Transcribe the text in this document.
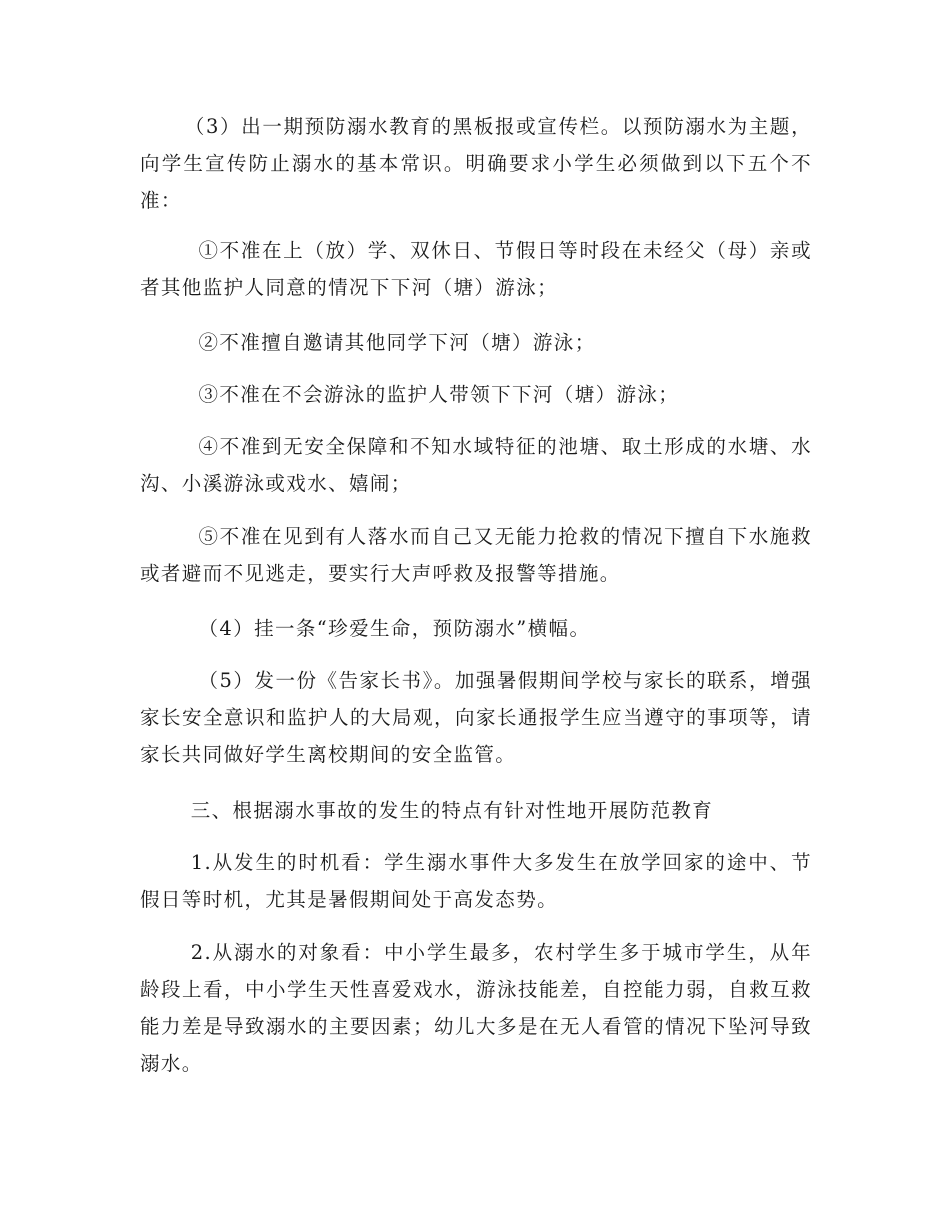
（3）出一期预防溺水教育的黑板报或宣传栏。以预防溺水为主题，向学生宣传防止溺水的基本常识。明确要求小学生必须做到以下五个不准：

①不准在上（放）学、双休日、节假日等时段在未经父（母）亲或者其他监护人同意的情况下下河（塘）游泳；

②不准擅自邀请其他同学下河（塘）游泳；

③不准在不会游泳的监护人带领下下河（塘）游泳；

④不准到无安全保障和不知水域特征的池塘、取土形成的水塘、水沟、小溪游泳或戏水、嬉闹；

⑤不准在见到有人落水而自己又无能力抢救的情况下擅自下水施救或者避而不见逃走，要实行大声呼救及报警等措施。

（4）挂一条“珍爱生命，预防溺水”横幅。

（5）发一份《告家长书》。加强暑假期间学校与家长的联系，增强家长安全意识和监护人的大局观，向家长通报学生应当遵守的事项等，请家长共同做好学生离校期间的安全监管。

三、根据溺水事故的发生的特点有针对性地开展防范教育

1.从发生的时机看：学生溺水事件大多发生在放学回家的途中、节假日等时机，尤其是暑假期间处于高发态势。

2.从溺水的对象看：中小学生最多，农村学生多于城市学生，从年龄段上看，中小学生天性喜爱戏水，游泳技能差，自控能力弱，自救互救能力差是导致溺水的主要因素；幼儿大多是在无人看管的情况下坠河导致溺水。
